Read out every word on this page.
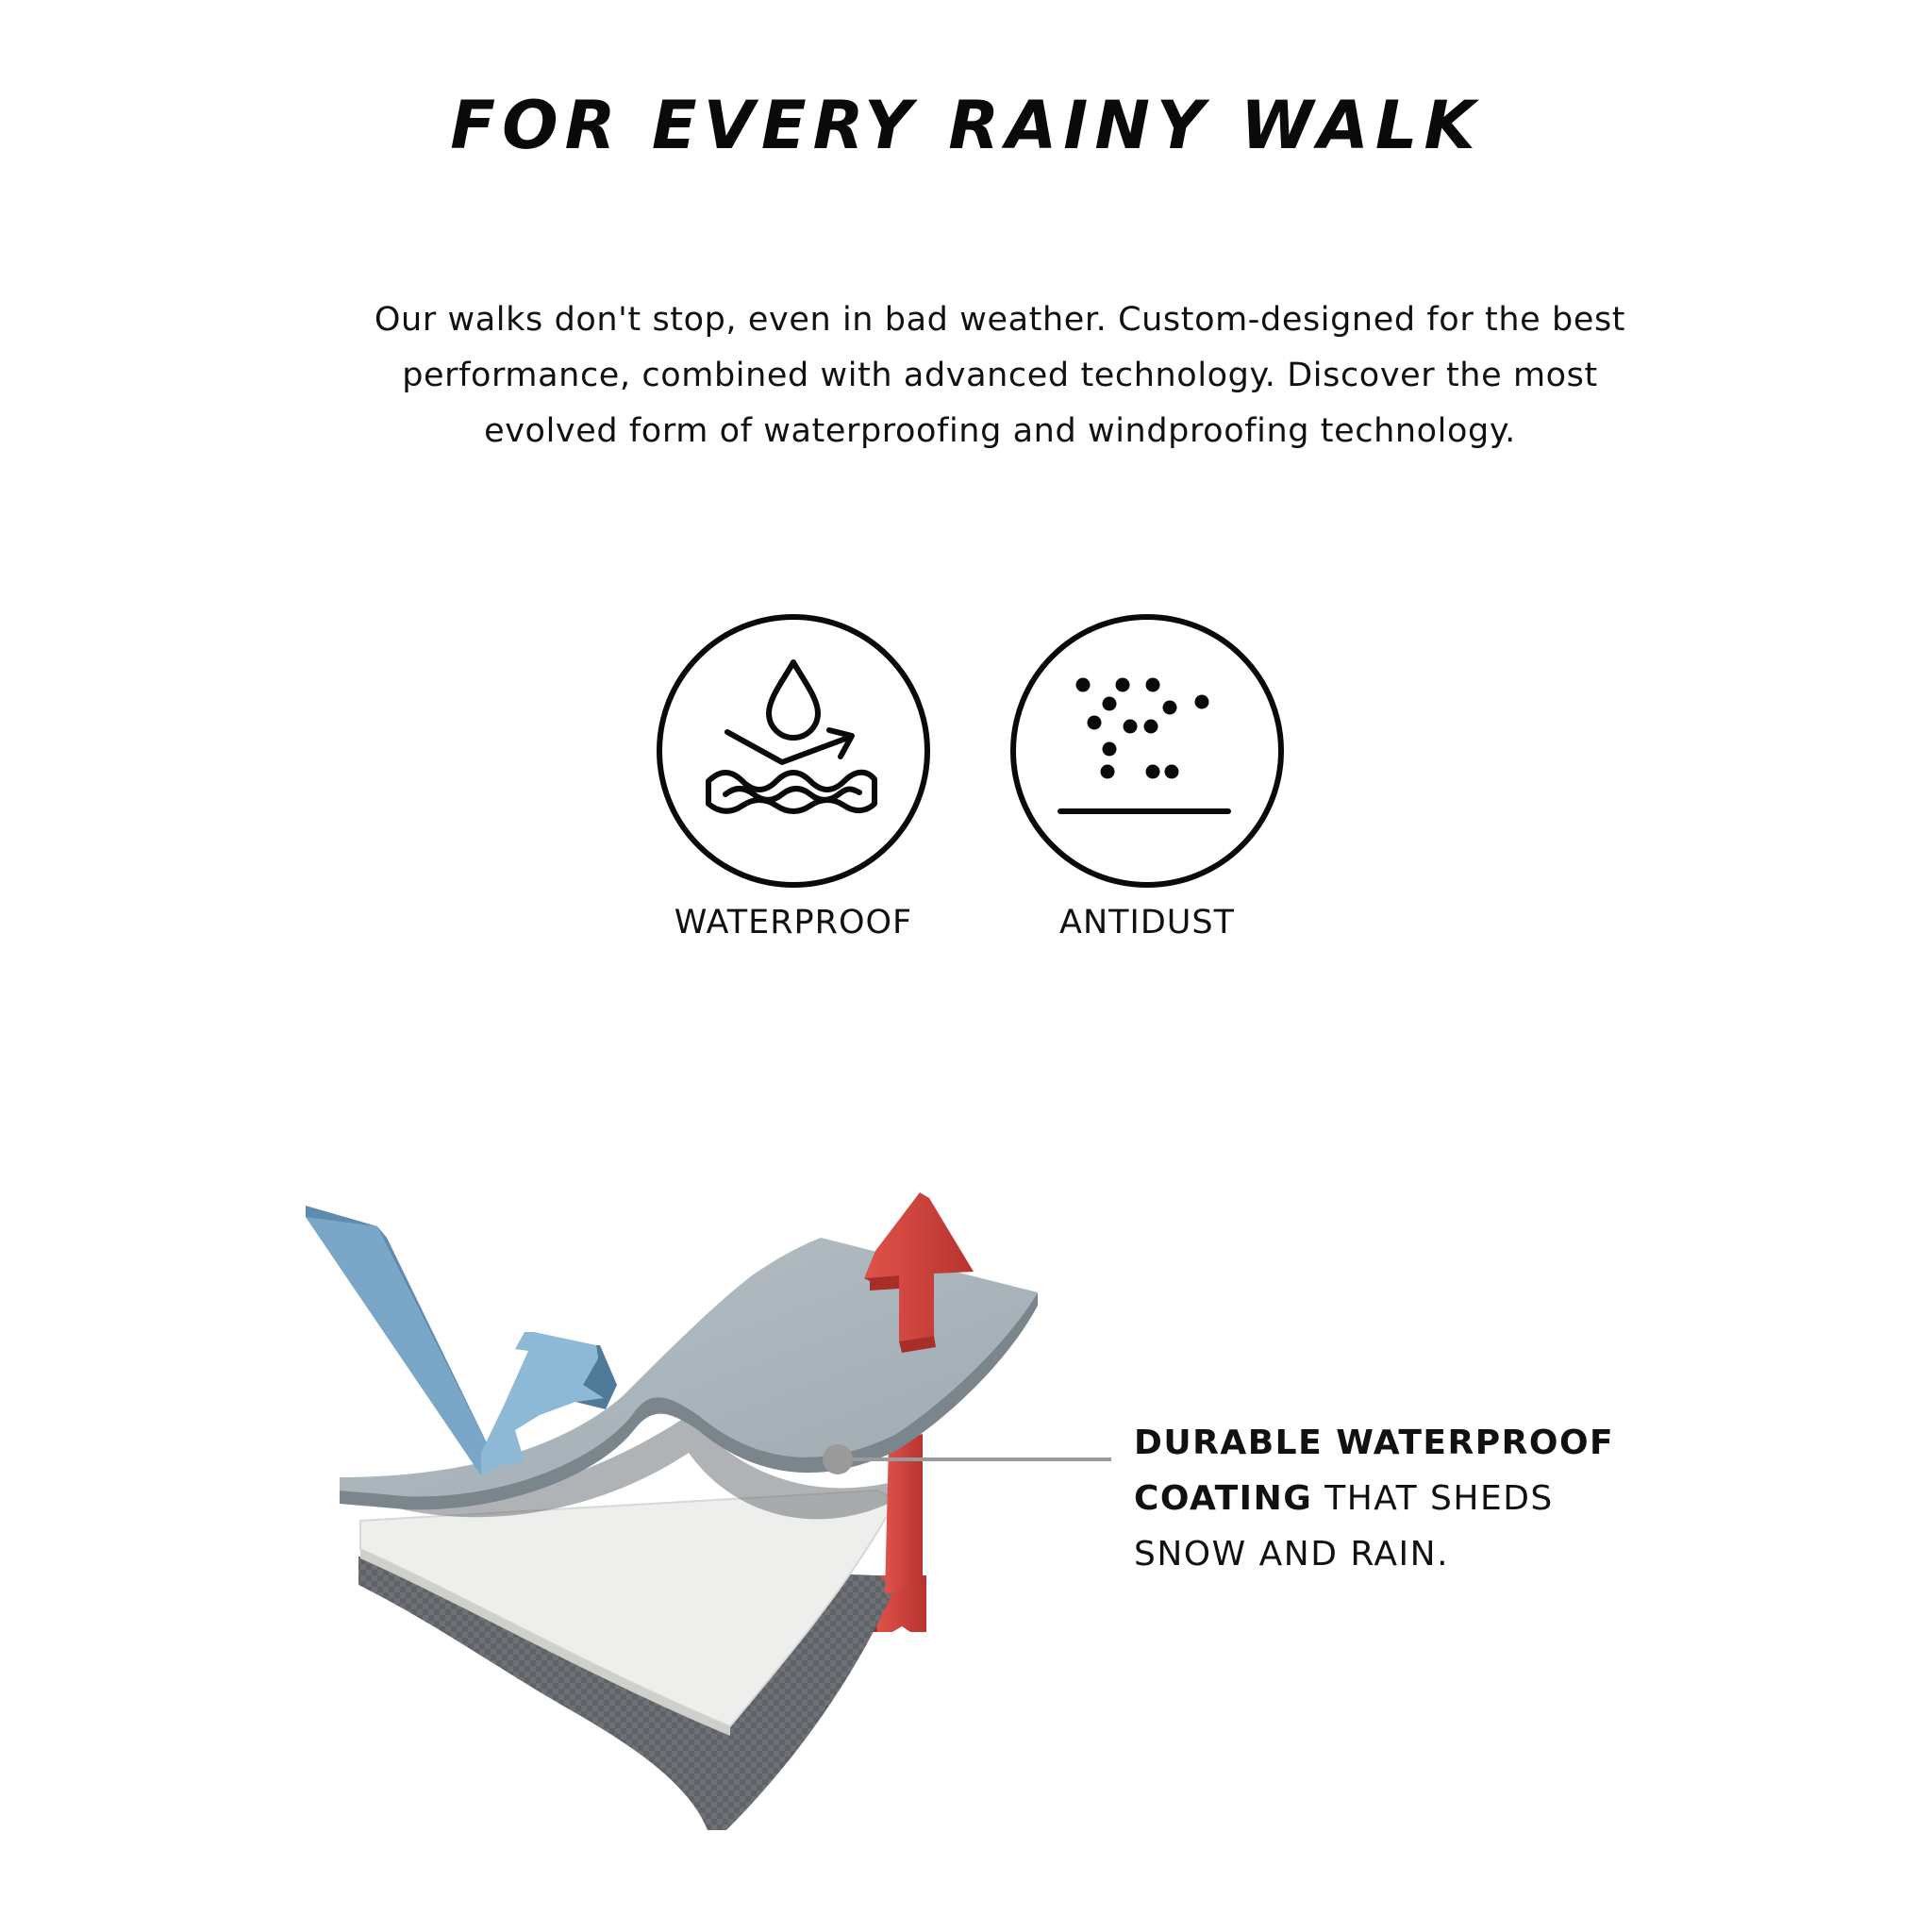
FOR EVERY RAINY WALK

Our walks don't stop, even in bad weather. Custom-designed for the best performance, combined with advanced technology. Discover the most evolved form of waterproofing and windproofing technology.

WATERPROOF	ANTIDUST

DURABLE WATERPROOF COATING THAT SHEDS SNOW AND RAIN.
